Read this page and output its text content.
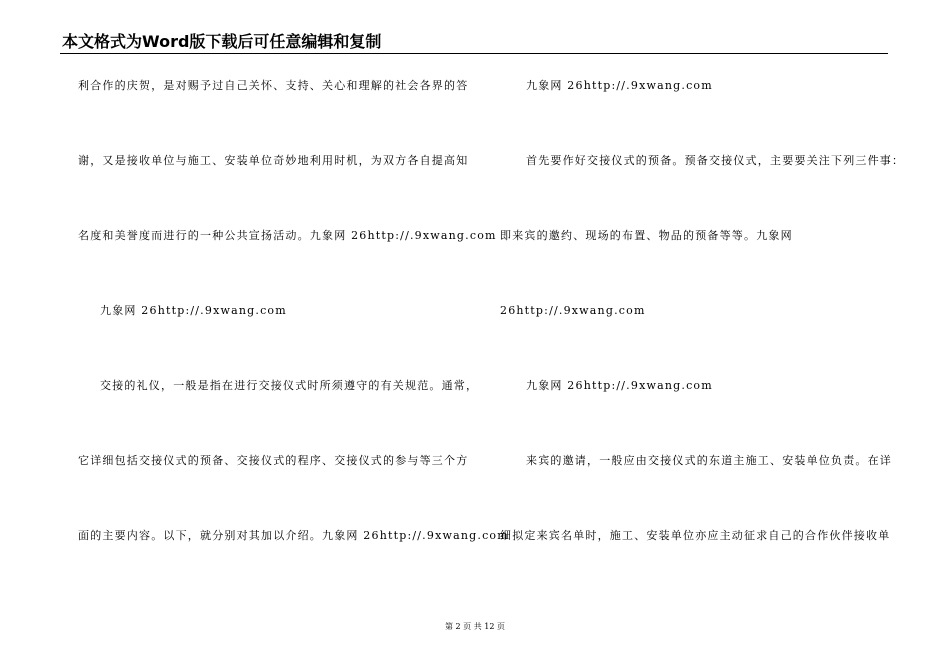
本文格式为Word版下载后可任意编辑和复制
利合作的庆贺，是对赐予过自己关怀、支持、关心和理解的社会各界的答
谢，又是接收单位与施工、安装单位奇妙地利用时机，为双方各自提高知
名度和美誉度而进行的一种公共宣扬活动。九象网 26http://.9xwang.com
九象网 26http://.9xwang.com
交接的礼仪，一般是指在进行交接仪式时所须遵守的有关规范。通常，
它详细包括交接仪式的预备、交接仪式的程序、交接仪式的参与等三个方
面的主要内容。以下，就分别对其加以介绍。九象网 26http://.9xwang.com
九象网 26http://.9xwang.com
首先要作好交接仪式的预备。预备交接仪式，主要要关注下列三件事：
即来宾的邀约、现场的布置、物品的预备等等。九象网
26http://.9xwang.com
九象网 26http://.9xwang.com
来宾的邀请，一般应由交接仪式的东道主施工、安装单位负责。在详
细拟定来宾名单时，施工、安装单位亦应主动征求自己的合作伙伴接收单
第 2 页 共 12 页
